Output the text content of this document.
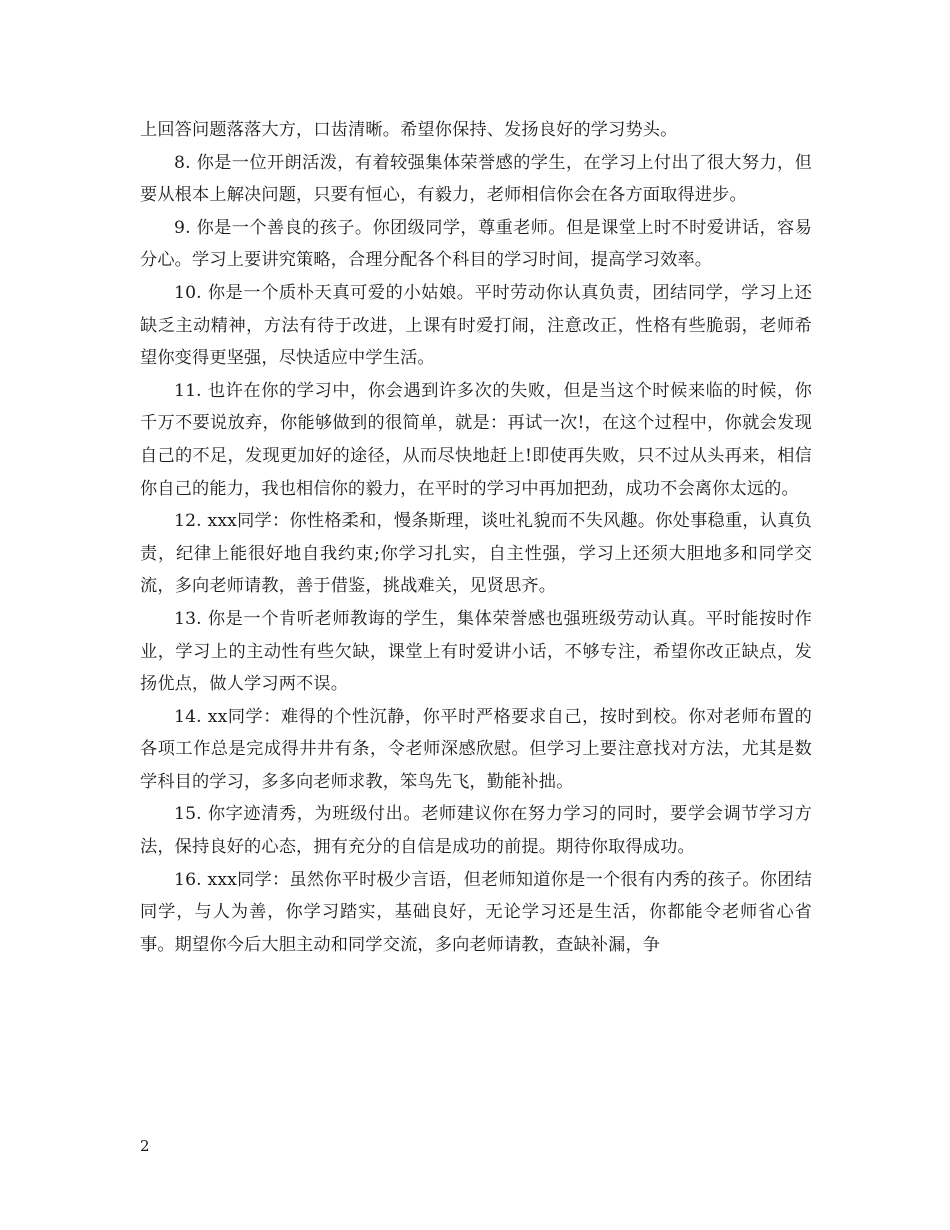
上回答问题落落大方，口齿清晰。希望你保持、发扬良好的学习势头。

8. 你是一位开朗活泼，有着较强集体荣誉感的学生，在学习上付出了很大努力，但要从根本上解决问题，只要有恒心，有毅力，老师相信你会在各方面取得进步。

9. 你是一个善良的孩子。你团级同学，尊重老师。但是课堂上时不时爱讲话，容易分心。学习上要讲究策略，合理分配各个科目的学习时间，提高学习效率。

10. 你是一个质朴天真可爱的小姑娘。平时劳动你认真负责，团结同学，学习上还缺乏主动精神，方法有待于改进，上课有时爱打闹，注意改正，性格有些脆弱，老师希望你变得更坚强，尽快适应中学生活。

11. 也许在你的学习中，你会遇到许多次的失败，但是当这个时候来临的时候，你千万不要说放弃，你能够做到的很简单，就是：再试一次!，在这个过程中，你就会发现自己的不足，发现更加好的途径，从而尽快地赶上!即使再失败，只不过从头再来，相信你自己的能力，我也相信你的毅力，在平时的学习中再加把劲，成功不会离你太远的。

12. xxx同学：你性格柔和，慢条斯理，谈吐礼貌而不失风趣。你处事稳重，认真负责，纪律上能很好地自我约束;你学习扎实，自主性强，学习上还须大胆地多和同学交流，多向老师请教，善于借鉴，挑战难关，见贤思齐。

13. 你是一个肯听老师教诲的学生，集体荣誉感也强班级劳动认真。平时能按时作业，学习上的主动性有些欠缺，课堂上有时爱讲小话，不够专注，希望你改正缺点，发扬优点，做人学习两不误。

14. xx同学：难得的个性沉静，你平时严格要求自己，按时到校。你对老师布置的各项工作总是完成得井井有条，令老师深感欣慰。但学习上要注意找对方法，尤其是数学科目的学习，多多向老师求教，笨鸟先飞，勤能补拙。

15. 你字迹清秀，为班级付出。老师建议你在努力学习的同时，要学会调节学习方法，保持良好的心态，拥有充分的自信是成功的前提。期待你取得成功。

16. xxx同学：虽然你平时极少言语，但老师知道你是一个很有内秀的孩子。你团结同学，与人为善，你学习踏实，基础良好，无论学习还是生活，你都能令老师省心省事。期望你今后大胆主动和同学交流，多向老师请教，查缺补漏，争

2
